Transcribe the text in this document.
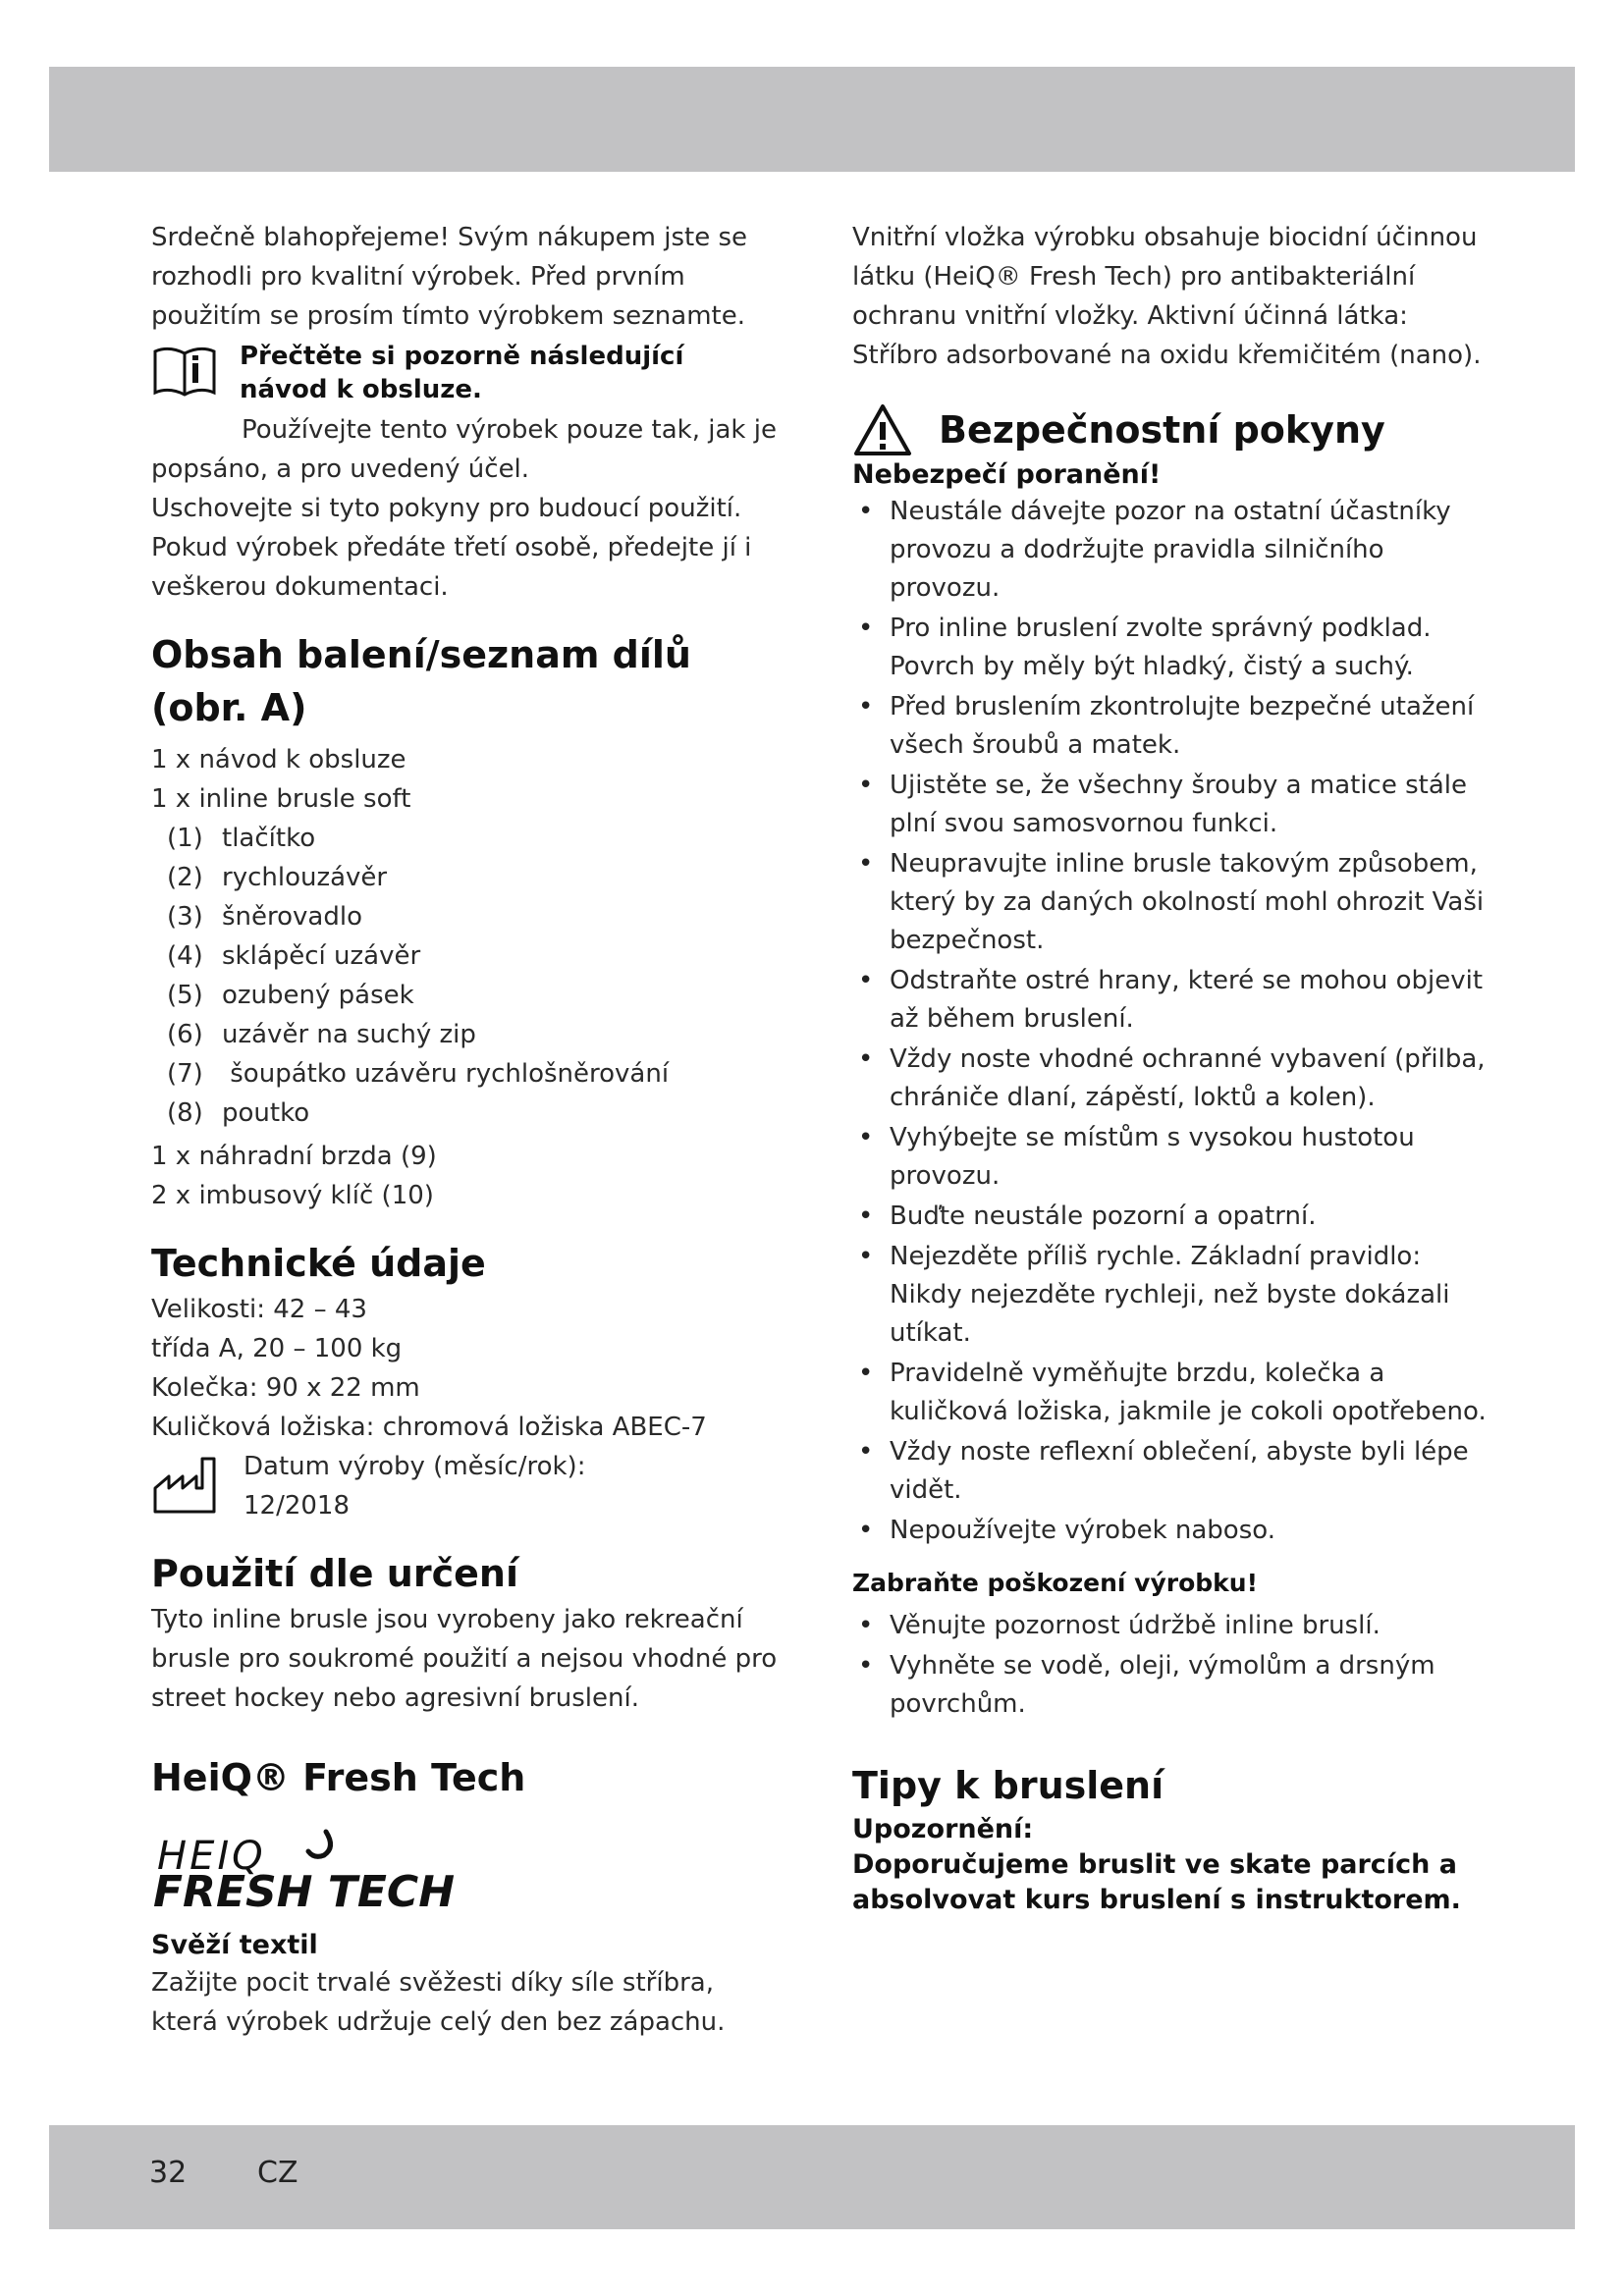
Srdečně blahopřejeme! Svým nákupem jste se rozhodli pro kvalitní výrobek. Před prvním použitím se prosím tímto výrobkem seznamte.

Přečtěte si pozorně následující návod k obsluze.

Používejte tento výrobek pouze tak, jak je popsáno, a pro uvedený účel.

Uschovejte si tyto pokyny pro budoucí použití. Pokud výrobek předáte třetí osobě, předejte jí i veškerou dokumentaci.

Obsah balení/seznam dílů (obr. A)
1 x návod k obsluze
1 x inline brusle soft
(1) tlačítko
(2) rychlouzávěr
(3) šněrovadlo
(4) sklápěcí uzávěr
(5) ozubený pásek
(6) uzávěr na suchý zip
(7) šoupátko uzávěru rychlošněrování
(8) poutko
1 x náhradní brzda (9)
2 x imbusový klíč (10)
Technické údaje

Velikosti: 42 – 43

třída A, 20 – 100 kg

Kolečka: 90 x 22 mm

Kuličková ložiska: chromová ložiska ABEC-7

Datum výroby (měsíc/rok):
12/2018
Použití dle určení

Tyto inline brusle jsou vyrobeny jako rekreační brusle pro soukromé použití a nejsou vhodné pro street hockey nebo agresivní bruslení.

HeiQ® Fresh Tech
HEIQ
FRESH TECH
Svěží textil

Zažijte pocit trvalé svěžesti díky síle stříbra, která výrobek udržuje celý den bez zápachu.

Vnitřní vložka výrobku obsahuje biocidní účinnou látku (HeiQ® Fresh Tech) pro antibakteriální ochranu vnitřní vložky. Aktivní účinná látka: Stříbro adsorbované na oxidu křemičitém (nano).

Bezpečnostní pokyny
Nebezpečí poranění!
• Neustále dávejte pozor na ostatní účastníky provozu a dodržujte pravidla silničního provozu.
• Pro inline bruslení zvolte správný podklad. Povrch by měly být hladký, čistý a suchý.
• Před bruslením zkontrolujte bezpečné utažení všech šroubů a matek.
• Ujistěte se, že všechny šrouby a matice stále plní svou samosvornou funkci.
• Neupravujte inline brusle takovým způsobem, který by za daných okolností mohl ohrozit Vaši bezpečnost.
• Odstraňte ostré hrany, které se mohou objevit až během bruslení.
• Vždy noste vhodné ochranné vybavení (přilba, chrániče dlaní, zápěstí, loktů a kolen).
• Vyhýbejte se místům s vysokou hustotou provozu.
• Buďte neustále pozorní a opatrní.
• Nejezděte příliš rychle. Základní pravidlo: Nikdy nejezděte rychleji, než byste dokázali utíkat.
• Pravidelně vyměňujte brzdu, kolečka a kuličková ložiska, jakmile je cokoli opotřebeno.
• Vždy noste reflexní oblečení, abyste byli lépe vidět.
• Nepoužívejte výrobek naboso.
Zabraňte poškození výrobku!
• Věnujte pozornost údržbě inline bruslí.
• Vyhněte se vodě, oleji, výmolům a drsným povrchům.
Tipy k bruslení
Upozornění:
Doporučujeme bruslit ve skate parcích a absolvovat kurs bruslení s instruktorem.
32 CZ
